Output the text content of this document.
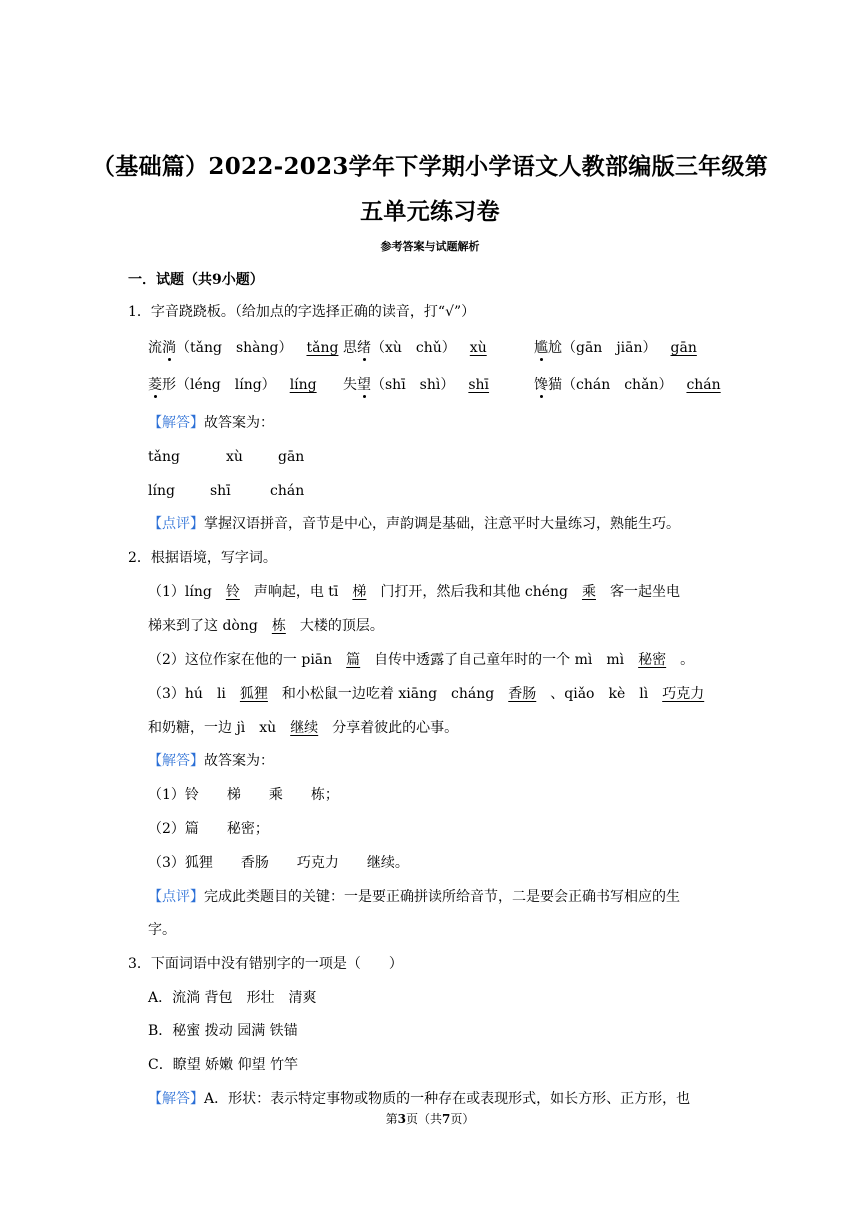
（基础篇）2022-2023学年下学期小学语文人教部编版三年级第
五单元练习卷
参考答案与试题解析
一．试题（共9小题）
1．字音跷跷板。（给加点的字选择正确的读音，打“√”）
流淌（tǎng　shàng） tǎng 思绪（xù　chǔ） xù	尴尬（gān　jiān） gān
菱形（léng　líng） líng	失望（shī　shì） shī	馋猫（chán　chǎn） chán
【解答】故答案为：
tǎng	xù	gān
líng	shī	chán
【点评】掌握汉语拼音，音节是中心，声韵调是基础，注意平时大量练习，熟能生巧。
2．根据语境，写字词。
（1）líng 铃 声响起，电 tī 梯 门打开，然后我和其他 chéng 乘 客一起坐电
梯来到了这 dòng 栋 大楼的顶层。
（2）这位作家在他的一 piān 篇 自传中透露了自己童年时的一个 mì　mì 秘密 。
（3）hú　li 狐狸 和小松鼠一边吃着 xiāng　cháng 香肠 、qiǎo　kè　lì 巧克力
和奶糖，一边 jì　xù 继续 分享着彼此的心事。
【解答】故答案为：
（1）铃　　梯　　乘　　栋；
（2）篇　　秘密；
（3）狐狸　　香肠　　巧克力　　继续。
【点评】完成此类题目的关键：一是要正确拼读所给音节，二是要会正确书写相应的生
字。
3．下面词语中没有错别字的一项是（　　）
A．流淌 背包　形壮　清爽
B．秘蜜 拨动 园满 铁锚
C．瞭望 娇嫩 仰望 竹竿
【解答】A．形状：表示特定事物或物质的一种存在或表现形式，如长方形、正方形，也
第3页（共7页）
